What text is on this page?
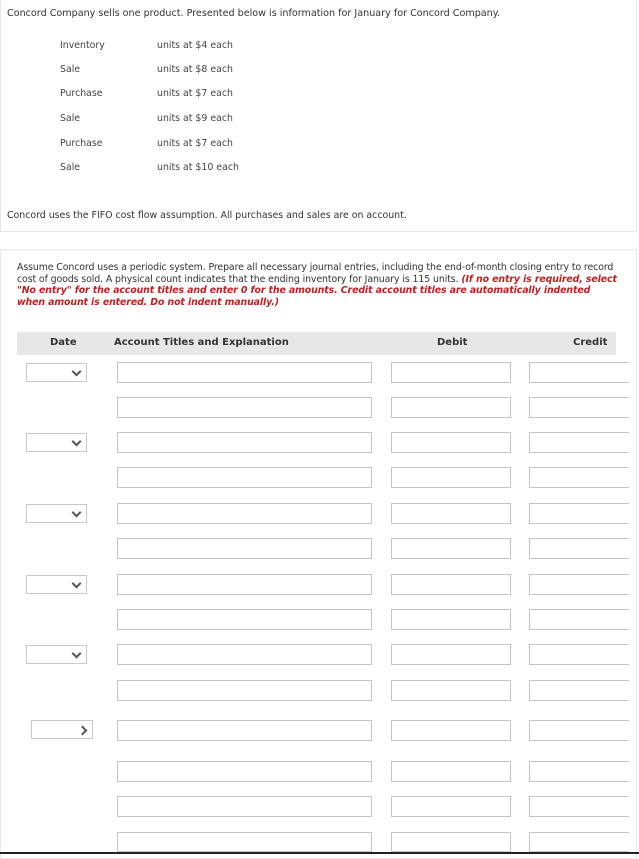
Concord Company sells one product. Presented below is information for January for Concord Company.
Inventory	units at $4 each
Sale	units at $8 each
Purchase	units at $7 each
Sale	units at $9 each
Purchase	units at $7 each
Sale	units at $10 each
Concord uses the FIFO cost flow assumption. All purchases and sales are on account.
Assume Concord uses a periodic system. Prepare all necessary journal entries, including the end-of-month closing entry to record cost of goods sold. A physical count indicates that the ending inventory for January is 115 units. (If no entry is required, select "No entry" for the account titles and enter 0 for the amounts. Credit account titles are automatically indented when amount is entered. Do not indent manually.)
Date	Account Titles and Explanation	Debit	Credit
